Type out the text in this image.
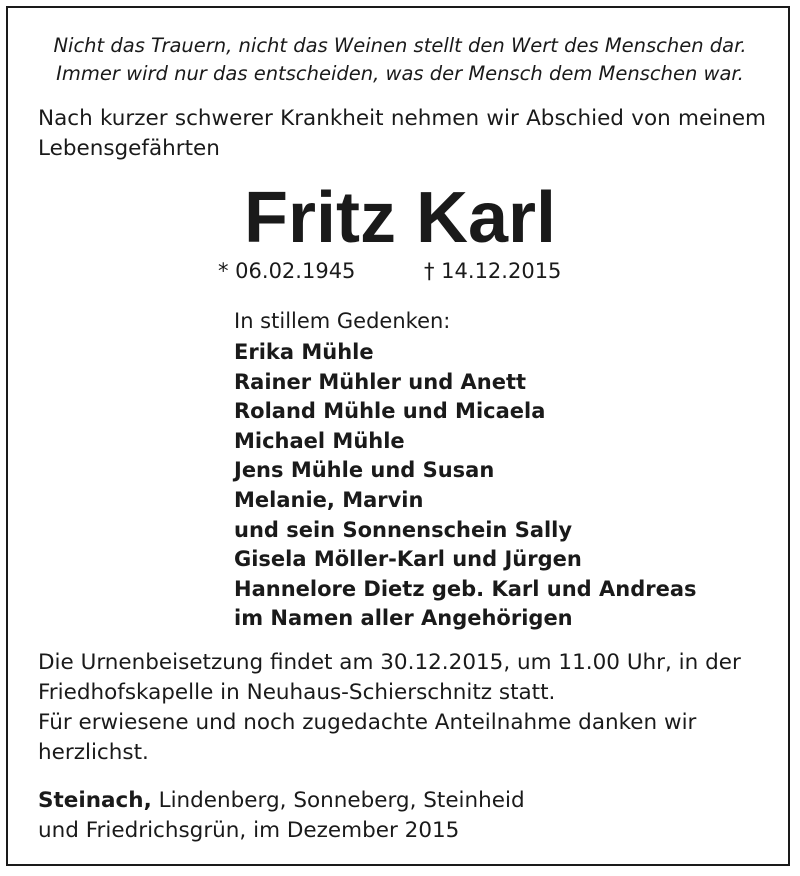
Nicht das Trauern, nicht das Weinen stellt den Wert des Menschen dar.
Immer wird nur das entscheiden, was der Mensch dem Menschen war.
Nach kurzer schwerer Krankheit nehmen wir Abschied von meinem Lebensgefährten
Fritz Karl
* 06.02.1945	† 14.12.2015
In stillem Gedenken:
Erika Mühle
Rainer Mühler und Anett
Roland Mühle und Micaela
Michael Mühle
Jens Mühle und Susan
Melanie, Marvin
und sein Sonnenschein Sally
Gisela Möller-Karl und Jürgen
Hannelore Dietz geb. Karl und Andreas
im Namen aller Angehörigen

Die Urnenbeisetzung findet am 30.12.2015, um 11.00 Uhr, in der Friedhofskapelle in Neuhaus-Schierschnitz statt.

Für erwiesene und noch zugedachte Anteilnahme danken wir herzlichst.

Steinach, Lindenberg, Sonneberg, Steinheid
und Friedrichsgrün, im Dezember 2015
